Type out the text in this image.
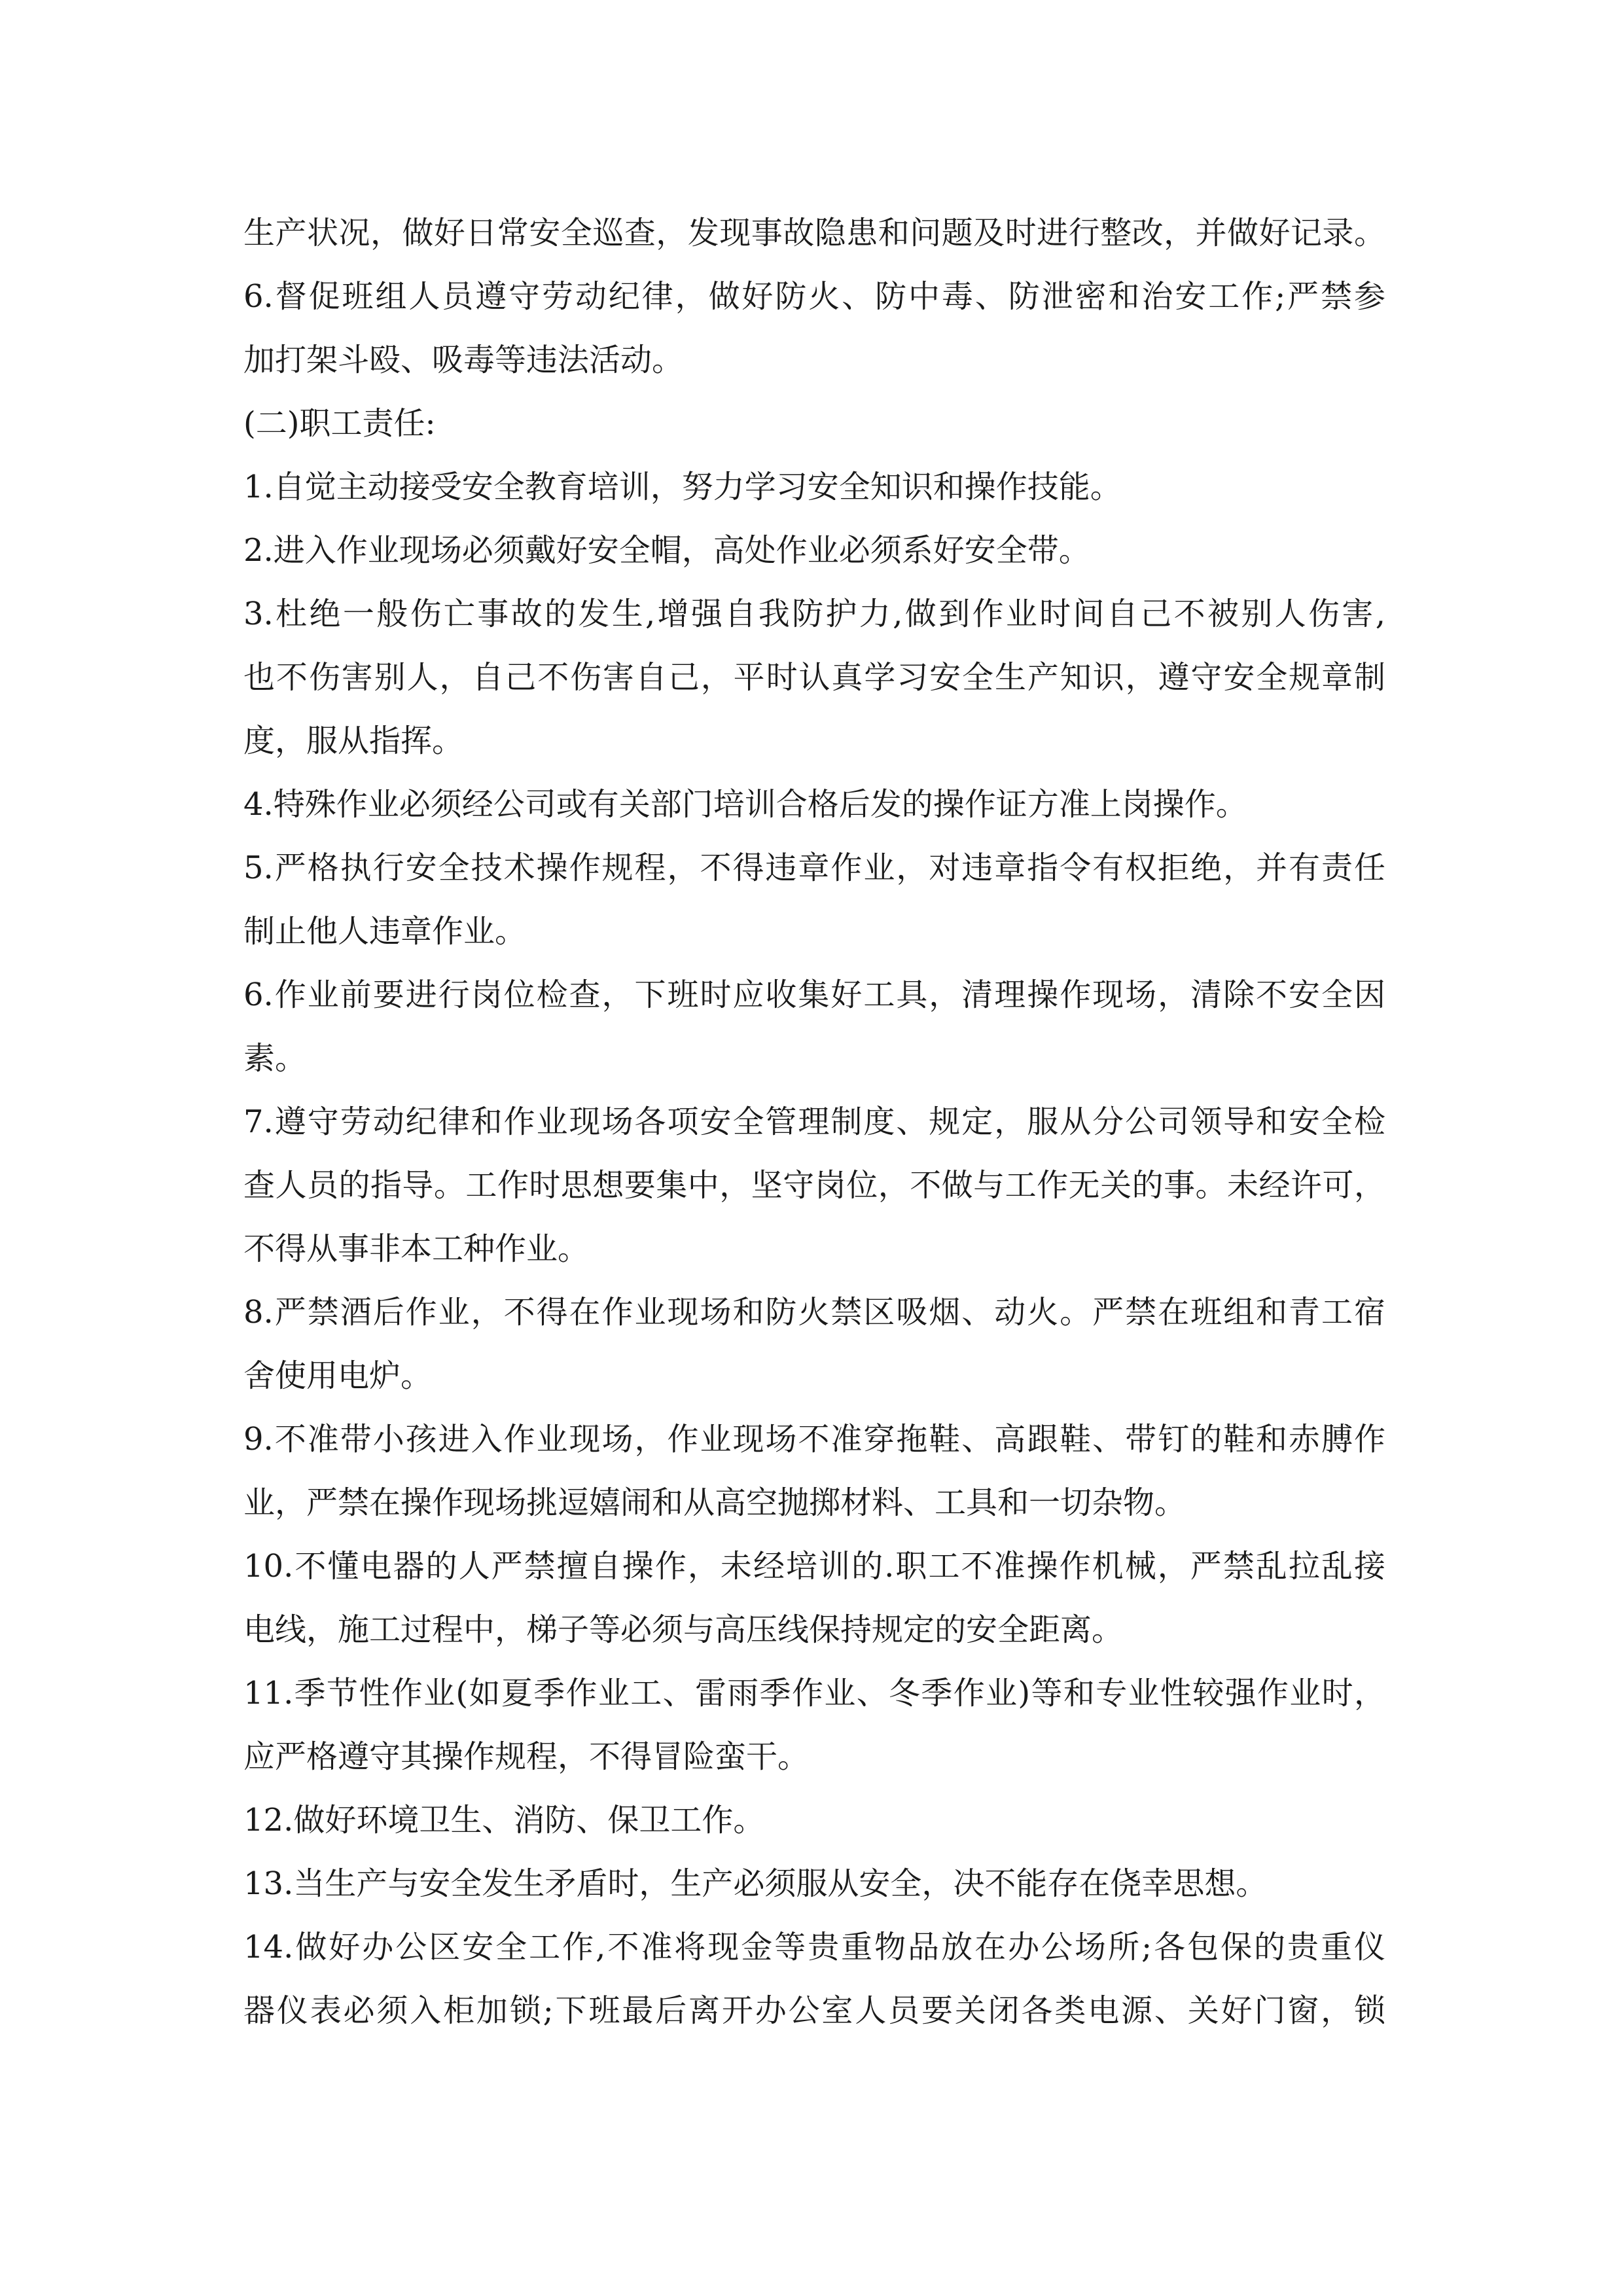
生产状况，做好日常安全巡查，发现事故隐患和问题及时进行整改，并做好记录。
6.督促班组人员遵守劳动纪律，做好防火、防中毒、防泄密和治安工作;严禁参
加打架斗殴、吸毒等违法活动。
(二)职工责任:
1.自觉主动接受安全教育培训，努力学习安全知识和操作技能。
2.进入作业现场必须戴好安全帽，高处作业必须系好安全带。
3.杜绝一般伤亡事故的发生,增强自我防护力,做到作业时间自己不被别人伤害,
也不伤害别人，自己不伤害自己，平时认真学习安全生产知识，遵守安全规章制
度，服从指挥。
4.特殊作业必须经公司或有关部门培训合格后发的操作证方准上岗操作。
5.严格执行安全技术操作规程，不得违章作业，对违章指令有权拒绝，并有责任
制止他人违章作业。
6.作业前要进行岗位检查，下班时应收集好工具，清理操作现场，清除不安全因
素。
7.遵守劳动纪律和作业现场各项安全管理制度、规定，服从分公司领导和安全检
查人员的指导。工作时思想要集中，坚守岗位，不做与工作无关的事。未经许可，
不得从事非本工种作业。
8.严禁酒后作业，不得在作业现场和防火禁区吸烟、动火。严禁在班组和青工宿
舍使用电炉。
9.不准带小孩进入作业现场，作业现场不准穿拖鞋、高跟鞋、带钉的鞋和赤膊作
业，严禁在操作现场挑逗嬉闹和从高空抛掷材料、工具和一切杂物。
10.不懂电器的人严禁擅自操作，未经培训的.职工不准操作机械，严禁乱拉乱接
电线，施工过程中，梯子等必须与高压线保持规定的安全距离。
11.季节性作业(如夏季作业工、雷雨季作业、冬季作业)等和专业性较强作业时，
应严格遵守其操作规程，不得冒险蛮干。
12.做好环境卫生、消防、保卫工作。
13.当生产与安全发生矛盾时，生产必须服从安全，决不能存在侥幸思想。
14.做好办公区安全工作,不准将现金等贵重物品放在办公场所;各包保的贵重仪
器仪表必须入柜加锁;下班最后离开办公室人员要关闭各类电源、关好门窗，锁
